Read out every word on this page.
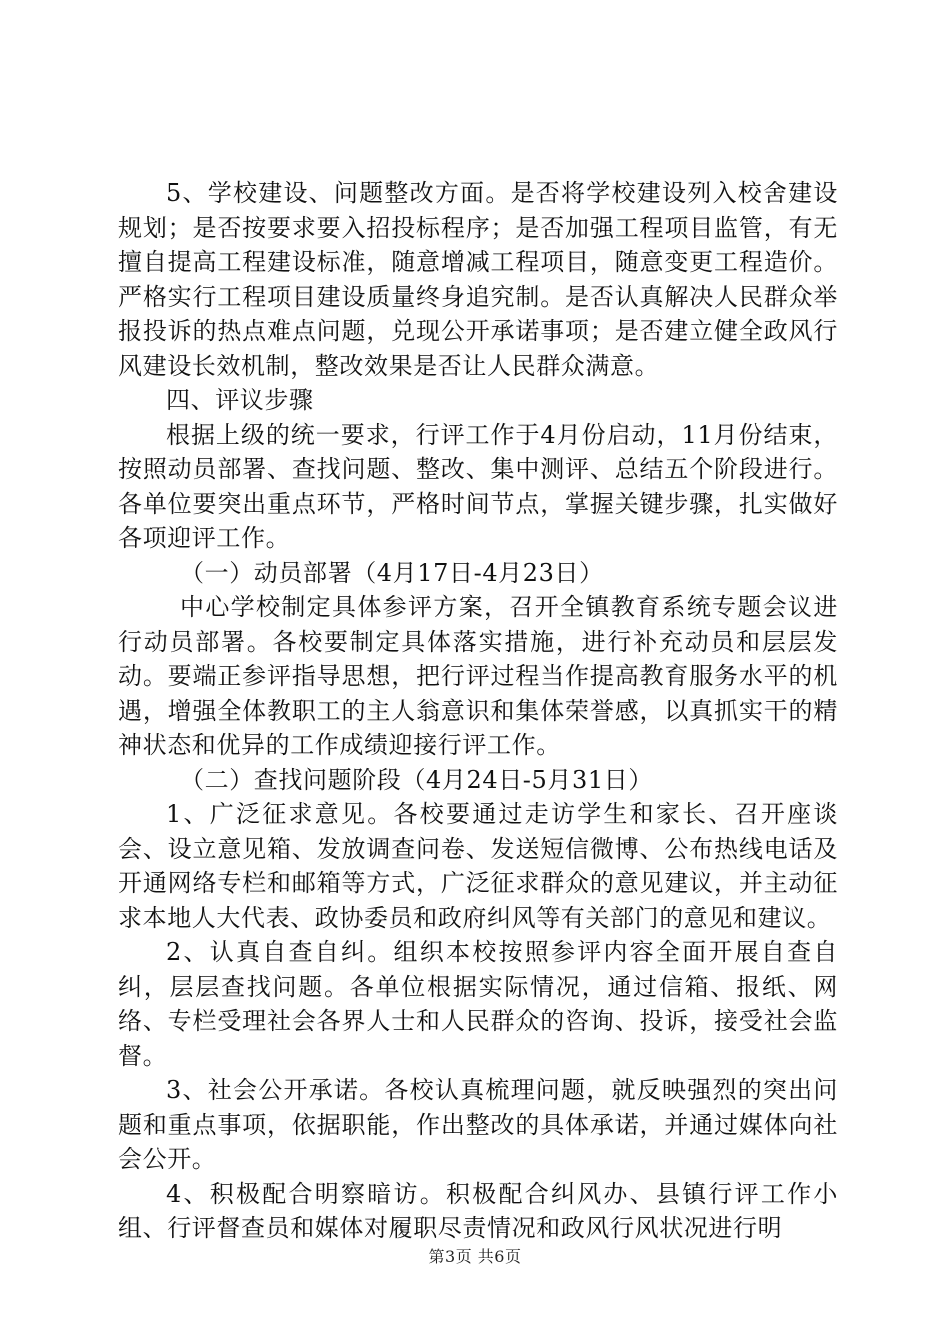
5、学校建设、问题整改方面。是否将学校建设列入校舍建设规划；是否按要求要入招投标程序；是否加强工程项目监管，有无擅自提高工程建设标准，随意增减工程项目，随意变更工程造价。严格实行工程项目建设质量终身追究制。是否认真解决人民群众举报投诉的热点难点问题，兑现公开承诺事项；是否建立健全政风行风建设长效机制，整改效果是否让人民群众满意。

四、评议步骤

根据上级的统一要求，行评工作于4月份启动，11月份结束，按照动员部署、查找问题、整改、集中测评、总结五个阶段进行。各单位要突出重点环节，严格时间节点，掌握关键步骤，扎实做好各项迎评工作。

（一）动员部署（4月17日-4月23日）

中心学校制定具体参评方案，召开全镇教育系统专题会议进行动员部署。各校要制定具体落实措施，进行补充动员和层层发动。要端正参评指导思想，把行评过程当作提高教育服务水平的机遇，增强全体教职工的主人翁意识和集体荣誉感，以真抓实干的精神状态和优异的工作成绩迎接行评工作。

（二）查找问题阶段（4月24日-5月31日）

1、广泛征求意见。各校要通过走访学生和家长、召开座谈会、设立意见箱、发放调查问卷、发送短信微博、公布热线电话及开通网络专栏和邮箱等方式，广泛征求群众的意见建议，并主动征求本地人大代表、政协委员和政府纠风等有关部门的意见和建议。

2、认真自查自纠。组织本校按照参评内容全面开展自查自纠，层层查找问题。各单位根据实际情况，通过信箱、报纸、网络、专栏受理社会各界人士和人民群众的咨询、投诉，接受社会监督。

3、社会公开承诺。各校认真梳理问题，就反映强烈的突出问题和重点事项，依据职能，作出整改的具体承诺，并通过媒体向社会公开。

4、积极配合明察暗访。积极配合纠风办、县镇行评工作小组、行评督查员和媒体对履职尽责情况和政风行风状况进行明

第3页 共6页
